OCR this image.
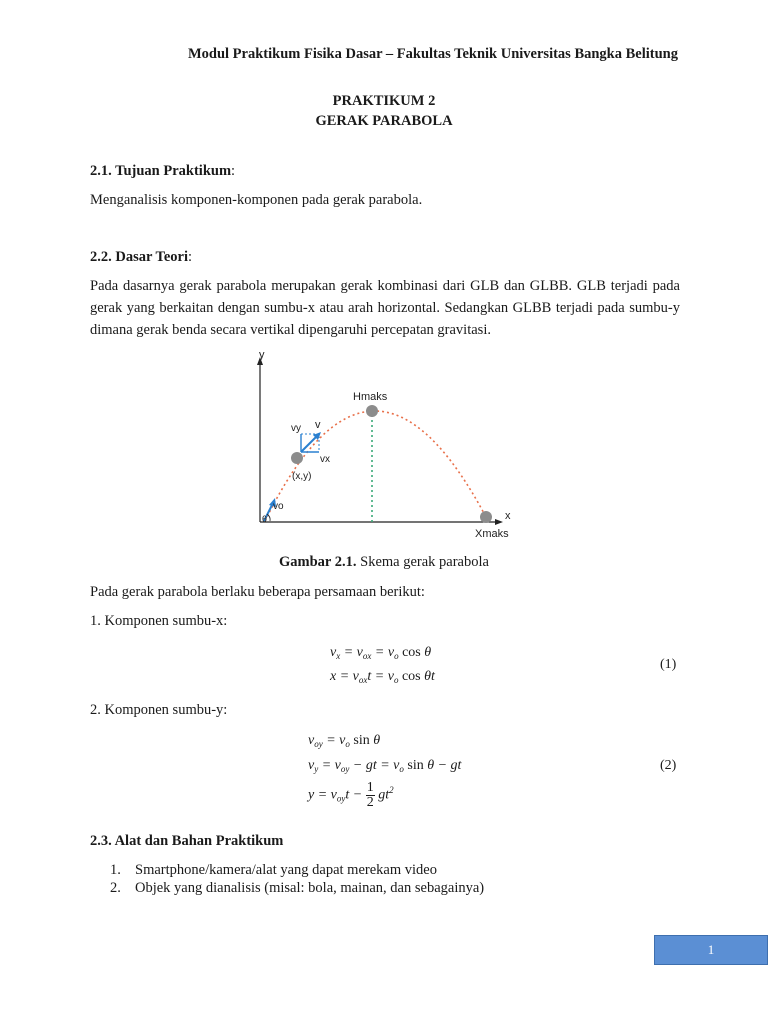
Modul Praktikum Fisika Dasar – Fakultas Teknik Universitas Bangka Belitung
PRAKTIKUM 2
GERAK PARABOLA
2.1. Tujuan Praktikum:
Menganalisis komponen-komponen pada gerak parabola.
2.2. Dasar Teori:
Pada dasarnya gerak parabola merupakan gerak kombinasi dari GLB dan GLBB. GLB terjadi pada gerak yang berkaitan dengan sumbu-x atau arah horizontal. Sedangkan GLBB terjadi pada sumbu-y dimana gerak benda secara vertikal dipengaruhi percepatan gravitasi.
y
x
Hmaks
v
vy
vx
(x,y)
vo
θ
Xmaks
Gambar 2.1. Skema gerak parabola
Pada gerak parabola berlaku beberapa persamaan berikut:
1. Komponen sumbu-x:
$v_x = v_{ox} = v_o$ cos θ
$x = v_{ox}t = v_o$ cos θt
(1)
2. Komponen sumbu-y:
$v_{oy} = v_o$ sin θ
$v_y = v_{oy}$ − gt = $v_o$ sin θ − gt
$y = v_{oy}t - \frac{1}{2} gt^2$
(2)
2.3. Alat dan Bahan Praktikum
1. Smartphone/kamera/alat yang dapat merekam video
2. Objek yang dianalisis (misal: bola, mainan, dan sebagainya)
1
